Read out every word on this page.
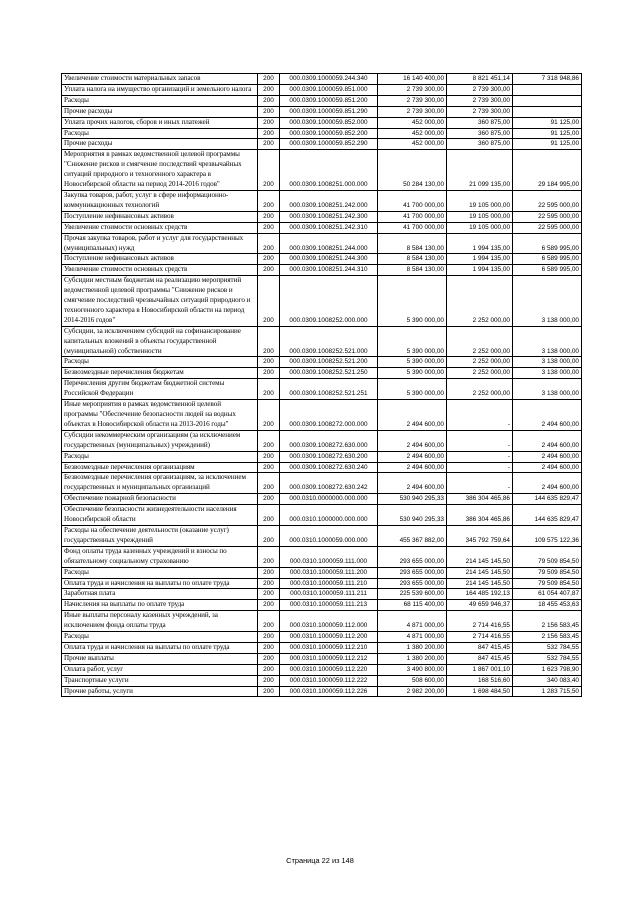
Увеличение стоимости материальных запасов	200	000.0309.1000059.244.340	16 140 400,00	8 821 451,14	7 318 948,86
Уплата налога на имущество организаций и земельного налога	200	000.0309.1000059.851.000	2 739 300,00	2 739 300,00	
Расходы	200	000.0309.1000059.851.200	2 739 300,00	2 739 300,00	
Прочие расходы	200	000.0309.1000059.851.290	2 739 300,00	2 739 300,00	
Уплата прочих налогов, сборов и иных платежей	200	000.0309.1000059.852.000	452 000,00	360 875,00	91 125,00
Расходы	200	000.0309.1000059.852.200	452 000,00	360 875,00	91 125,00
Прочие расходы	200	000.0309.1000059.852.290	452 000,00	360 875,00	91 125,00
Мероприятия в рамках ведомственной целевой программы "Снижение рисков и смягчение последствий чрезвычайных ситуаций природного и техногенного характера в Новосибирской области на период 2014-2016 годов"	200	000.0309.1008251.000.000	50 284 130,00	21 099 135,00	29 184 995,00
Закупка товаров, работ, услуг в сфере информационно-коммуникационных технологий	200	000.0309.1008251.242.000	41 700 000,00	19 105 000,00	22 595 000,00
Поступление нефинансовых активов	200	000.0309.1008251.242.300	41 700 000,00	19 105 000,00	22 595 000,00
Увеличение стоимости основных средств	200	000.0309.1008251.242.310	41 700 000,00	19 105 000,00	22 595 000,00
Прочая закупка товаров, работ и услуг для государственных (муниципальных) нужд	200	000.0309.1008251.244.000	8 584 130,00	1 994 135,00	6 589 995,00
Поступление нефинансовых активов	200	000.0309.1008251.244.300	8 584 130,00	1 994 135,00	6 589 995,00
Увеличение стоимости основных средств	200	000.0309.1008251.244.310	8 584 130,00	1 994 135,00	6 589 995,00
Субсидии местным бюджетам на реализацию мероприятий ведомственной целевой программы "Снижение рисков и смягчение последствий чрезвычайных ситуаций природного и техногенного характера в Новосибирской области на период 2014-2016 годов"	200	000.0309.1008252.000.000	5 390 000,00	2 252 000,00	3 138 000,00
Субсидии, за исключением субсидий на софинансирование капитальных вложений в объекты государственной (муниципальной) собственности	200	000.0309.1008252.521.000	5 390 000,00	2 252 000,00	3 138 000,00
Расходы	200	000.0309.1008252.521.200	5 390 000,00	2 252 000,00	3 138 000,00
Безвозмездные перечисления бюджетам	200	000.0309.1008252.521.250	5 390 000,00	2 252 000,00	3 138 000,00
Перечисления другим бюджетам бюджетной системы Российской Федерации	200	000.0309.1008252.521.251	5 390 000,00	2 252 000,00	3 138 000,00
Иные мероприятия в рамках ведомственной целевой программы "Обеспечение безопасности людей на водных объектах в Новосибирской области на 2013-2016 годы"	200	000.0309.1008272.000.000	2 494 600,00	-	2 494 600,00
Субсидии некоммерческим организациям (за исключением государственных (муниципальных) учреждений)	200	000.0309.1008272.630.000	2 494 600,00	-	2 494 600,00
Расходы	200	000.0309.1008272.630.200	2 494 600,00	-	2 494 600,00
Безвозмездные перечисления организациям	200	000.0309.1008272.630.240	2 494 600,00	-	2 494 600,00
Безвозмездные перечисления организациям, за исключением государственных и муниципальных организаций	200	000.0309.1008272.630.242	2 494 600,00	-	2 494 600,00
Обеспечение пожарной безопасности	200	000.0310.0000000.000.000	530 940 295,33	386 304 465,86	144 635 829,47
Обеспечение безопасности жизнедеятельности населения Новосибирской области	200	000.0310.1000000.000.000	530 940 295,33	386 304 465,86	144 635 829,47
Расходы на обеспечение деятельности (оказание услуг) государственных учреждений	200	000.0310.1000059.000.000	455 367 882,00	345 792 759,64	109 575 122,36
Фонд оплаты труда казенных учреждений и взносы по обязательному социальному страхованию	200	000.0310.1000059.111.000	293 655 000,00	214 145 145,50	79 509 854,50
Расходы	200	000.0310.1000059.111.200	293 655 000,00	214 145 145,50	79 509 854,50
Оплата труда и начисления на выплаты по оплате труда	200	000.0310.1000059.111.210	293 655 000,00	214 145 145,50	79 509 854,50
Заработная плата	200	000.0310.1000059.111.211	225 539 600,00	164 485 192,13	61 054 407,87
Начисления на выплаты по оплате труда	200	000.0310.1000059.111.213	68 115 400,00	49 659 946,37	18 455 453,63
Иные выплаты персоналу казенных учреждений, за исключением фонда оплаты труда	200	000.0310.1000059.112.000	4 871 000,00	2 714 416,55	2 156 583,45
Расходы	200	000.0310.1000059.112.200	4 871 000,00	2 714 416,55	2 156 583,45
Оплата труда и начисления на выплаты по оплате труда	200	000.0310.1000059.112.210	1 380 200,00	847 415,45	532 784,55
Прочие выплаты	200	000.0310.1000059.112.212	1 380 200,00	847 415,45	532 784,55
Оплата работ, услуг	200	000.0310.1000059.112.220	3 490 800,00	1 867 001,10	1 623 798,90
Транспортные услуги	200	000.0310.1000059.112.222	508 600,00	168 516,60	340 083,40
Прочие работы, услуги	200	000.0310.1000059.112.226	2 982 200,00	1 698 484,50	1 283 715,50
Страница 22 из 148
